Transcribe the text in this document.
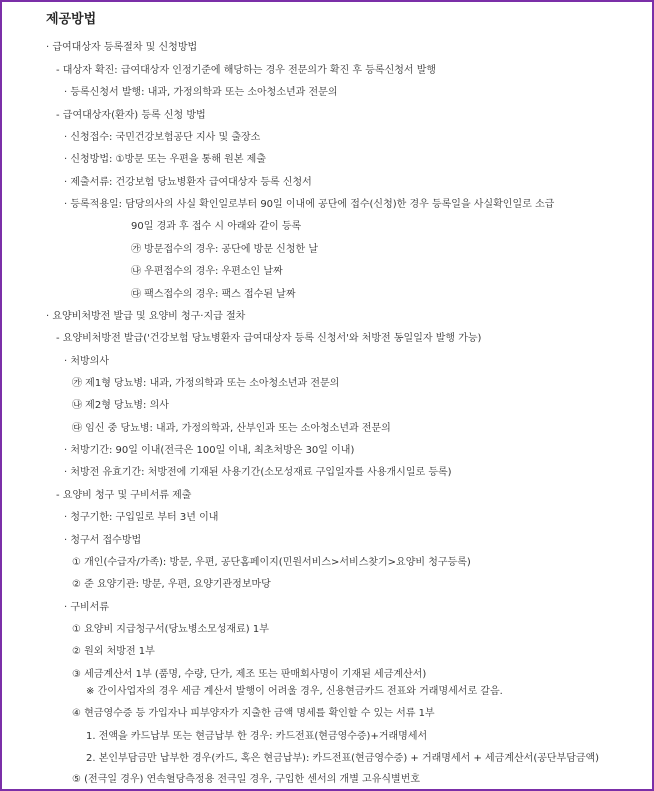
제공방법
· 급여대상자 등록절차 및 신청방법
- 대상자 확진: 급여대상자 인정기준에 해당하는 경우 전문의가 확진 후 등록신청서 발행
· 등록신청서 발행: 내과, 가정의학과 또는 소아청소년과 전문의
- 급여대상자(환자) 등록 신청 방법
· 신청접수: 국민건강보험공단 지사 및 출장소
· 신청방법: ①방문 또는 우편을 통해 원본 제출
· 제출서류: 건강보험 당뇨병환자 급여대상자 등록 신청서
· 등록적용일: 담당의사의 사실 확인일로부터 90일 이내에 공단에 접수(신청)한 경우 등록일을 사실확인일로 소급
90일 경과 후 접수 시 아래와 같이 등록
㉮ 방문접수의 경우: 공단에 방문 신청한 날
㉯ 우편접수의 경우: 우편소인 날짜
㉰ 팩스접수의 경우: 팩스 접수된 날짜
· 요양비처방전 발급 및 요양비 청구·지급 절차
- 요양비처방전 발급('건강보험 당뇨병환자 급여대상자 등록 신청서'와 처방전 동일일자 발행 가능)
· 처방의사
㉮ 제1형 당뇨병: 내과, 가정의학과 또는 소아청소년과 전문의
㉯ 제2형 당뇨병: 의사
㉰ 임신 중 당뇨병: 내과, 가정의학과, 산부인과 또는 소아청소년과 전문의
· 처방기간: 90일 이내(전극은 100일 이내, 최초처방은 30일 이내)
· 처방전 유효기간: 처방전에 기재된 사용기간(소모성재료 구입일자를 사용개시일로 등록)
- 요양비 청구 및 구비서류 제출
· 청구기한: 구입일로 부터 3년 이내
· 청구서 접수방법
① 개인(수급자/가족): 방문, 우편, 공단홈페이지(민원서비스>서비스찾기>요양비 청구등록)
② 준 요양기관: 방문, 우편, 요양기관정보마당
· 구비서류
① 요양비 지급청구서(당뇨병소모성재료) 1부
② 원외 처방전 1부
③ 세금계산서 1부 (품명, 수량, 단가, 제조 또는 판매회사명이 기재된 세금계산서)
※ 간이사업자의 경우 세금 계산서 발행이 어려울 경우, 신용현금카드 전표와 거래명세서로 갈음.
④ 현금영수증 등 가입자나 피부양자가 지출한 금액 명세를 확인할 수 있는 서류 1부
1. 전액을 카드납부 또는 현금납부 한 경우: 카드전표(현금영수증)+거래명세서
2. 본인부담금만 납부한 경우(카드, 혹은 현금납부): 카드전표(현금영수증) + 거래명세서 + 세금계산서(공단부담금액)
⑤ (전극일 경우) 연속혈당측정용 전극일 경우, 구입한 센서의 개별 고유식별번호
